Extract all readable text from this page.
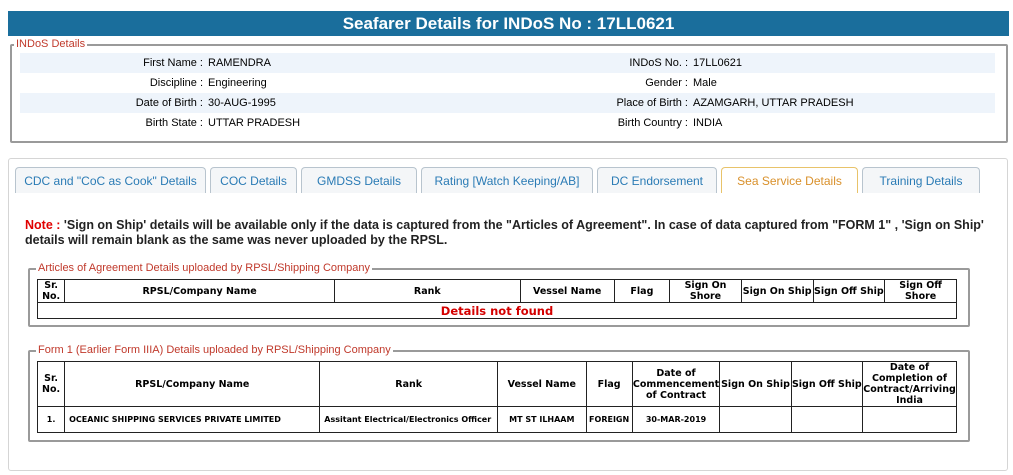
Seafarer Details for INDoS No : 17LL0621
INDoS Details
First Name : RAMENDRA	INDoS No. : 17LL0621
Discipline : Engineering	Gender : Male
Date of Birth : 30-AUG-1995	Place of Birth : AZAMGARH, UTTAR PRADESH
Birth State : UTTAR PRADESH	Birth Country : INDIA
CDC and "CoC as Cook" Details	COC Details	GMDSS Details	Rating [Watch Keeping/AB]	DC Endorsement	Sea Service Details	Training Details
Note : 'Sign on Ship' details will be available only if the data is captured from the "Articles of Agreement". In case of data captured from "FORM 1" , 'Sign on Ship' details will remain blank as the same was never uploaded by the RPSL.
Articles of Agreement Details uploaded by RPSL/Shipping Company
Sr. No.	RPSL/Company Name	Rank	Vessel Name	Flag	Sign On Shore	Sign On Ship	Sign Off Ship	Sign Off Shore
Details not found
Form 1 (Earlier Form IIIA) Details uploaded by RPSL/Shipping Company
Sr. No.	RPSL/Company Name	Rank	Vessel Name	Flag	Date of Commencement of Contract	Sign On Ship	Sign Off Ship	Date of Completion of Contract/Arriving India
1.	OCEANIC SHIPPING SERVICES PRIVATE LIMITED	Assitant Electrical/Electronics Officer	MT ST ILHAAM	FOREIGN	30-MAR-2019			
